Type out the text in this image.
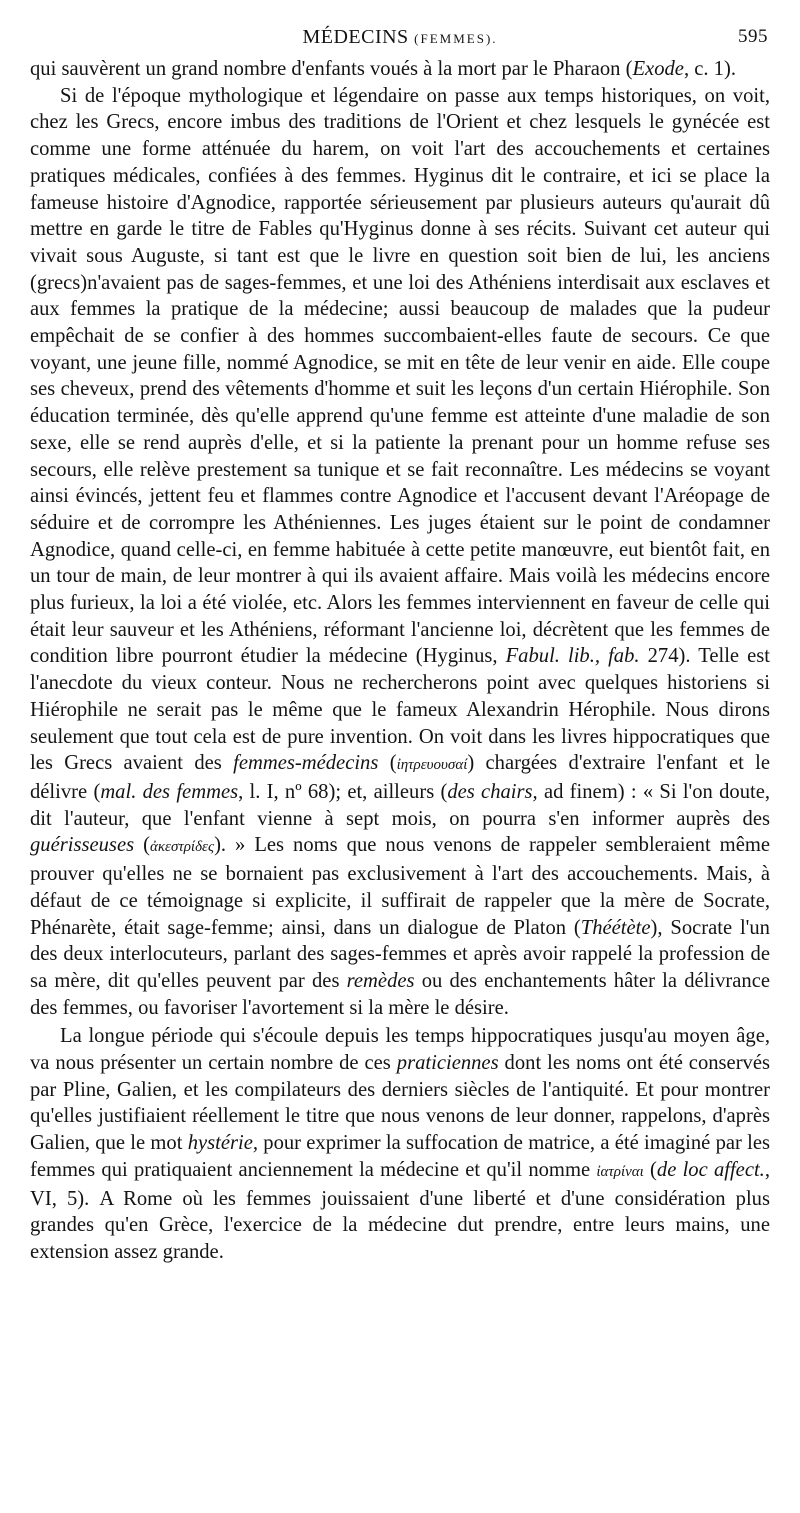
MÉDECINS (FEMMES).	595

qui sauvèrent un grand nombre d'enfants voués à la mort par le Pharaon (Exode, c. 1).

Si de l'époque mythologique et légendaire on passe aux temps historiques, on voit, chez les Grecs, encore imbus des traditions de l'Orient et chez lesquels le gynécée est comme une forme atténuée du harem, on voit l'art des accouchements et certaines pratiques médicales, confiées à des femmes. Hyginus dit le contraire, et ici se place la fameuse histoire d'Agnodice, rapportée sérieusement par plusieurs auteurs qu'aurait dû mettre en garde le titre de Fables qu'Hyginus donne à ses récits. Suivant cet auteur qui vivait sous Auguste, si tant est que le livre en question soit bien de lui, les anciens (grecs)n'avaient pas de sages-femmes, et une loi des Athéniens interdisait aux esclaves et aux femmes la pratique de la médecine; aussi beaucoup de malades que la pudeur empêchait de se confier à des hommes succombaient-elles faute de secours. Ce que voyant, une jeune fille, nommé Agnodice, se mit en tête de leur venir en aide. Elle coupe ses cheveux, prend des vêtements d'homme et suit les leçons d'un certain Hiérophile. Son éducation terminée, dès qu'elle apprend qu'une femme est atteinte d'une maladie de son sexe, elle se rend auprès d'elle, et si la patiente la prenant pour un homme refuse ses secours, elle relève prestement sa tunique et se fait reconnaître. Les médecins se voyant ainsi évincés, jettent feu et flammes contre Agnodice et l'accusent devant l'Aréopage de séduire et de corrompre les Athéniennes. Les juges étaient sur le point de condamner Agnodice, quand celle-ci, en femme habituée à cette petite manœuvre, eut bientôt fait, en un tour de main, de leur montrer à qui ils avaient affaire. Mais voilà les médecins encore plus furieux, la loi a été violée, etc. Alors les femmes interviennent en faveur de celle qui était leur sauveur et les Athéniens, réformant l'ancienne loi, décrètent que les femmes de condition libre pourront étudier la médecine (Hyginus, Fabul. lib., fab. 274). Telle est l'anecdote du vieux conteur. Nous ne rechercherons point avec quelques historiens si Hiérophile ne serait pas le même que le fameux Alexandrin Hérophile. Nous dirons seulement que tout cela est de pure invention. On voit dans les livres hippocratiques que les Grecs avaient des femmes-médecins (ἰητρευουσαί) chargées d'extraire l'enfant et le délivre (mal. des femmes, l. I, nº 68); et, ailleurs (des chairs, ad finem) : « Si l'on doute, dit l'auteur, que l'enfant vienne à sept mois, on pourra s'en informer auprès des guérisseuses (ἀκεστρίδες). » Les noms que nous venons de rappeler sembleraient même prouver qu'elles ne se bornaient pas exclusivement à l'art des accouchements. Mais, à défaut de ce témoignage si explicite, il suffirait de rappeler que la mère de Socrate, Phénarète, était sage-femme; ainsi, dans un dialogue de Platon (Théétète), Socrate l'un des deux interlocuteurs, parlant des sages-femmes et après avoir rappelé la profession de sa mère, dit qu'elles peuvent par des remèdes ou des enchantements hâter la délivrance des femmes, ou favoriser l'avortement si la mère le désire.

La longue période qui s'écoule depuis les temps hippocratiques jusqu'au moyen âge, va nous présenter un certain nombre de ces praticiennes dont les noms ont été conservés par Pline, Galien, et les compilateurs des derniers siècles de l'antiquité. Et pour montrer qu'elles justifiaient réellement le titre que nous venons de leur donner, rappelons, d'après Galien, que le mot hystérie, pour exprimer la suffocation de matrice, a été imaginé par les femmes qui pratiquaient anciennement la médecine et qu'il nomme ἰατρίναι (de loc affect., VI, 5). A Rome où les femmes jouissaient d'une liberté et d'une considération plus grandes qu'en Grèce, l'exercice de la médecine dut prendre, entre leurs mains, une extension assez grande.
